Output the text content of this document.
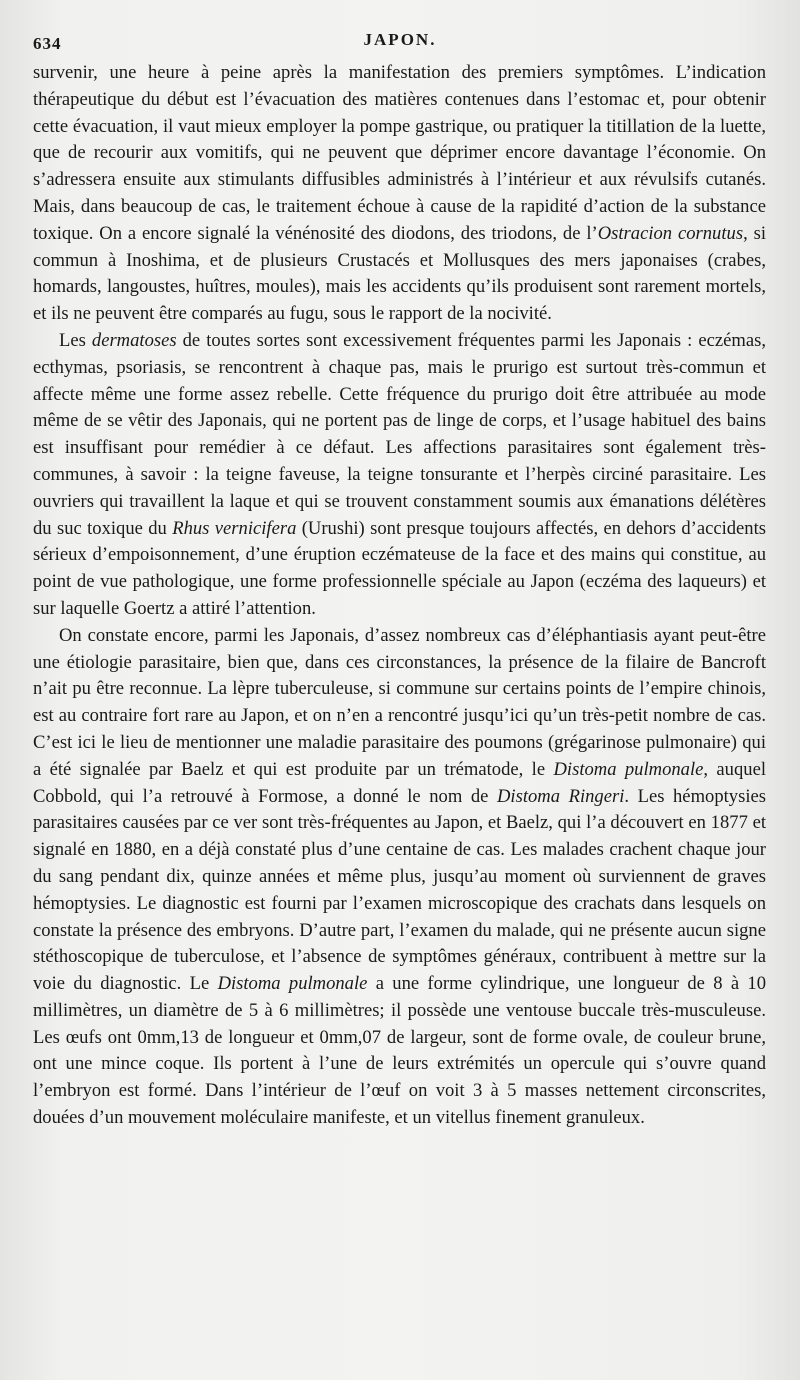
634	JAPON.

survenir, une heure à peine après la manifestation des premiers symptômes. L’indication thérapeutique du début est l’évacuation des matières contenues dans l’estomac et, pour obtenir cette évacuation, il vaut mieux employer la pompe gastrique, ou pratiquer la titillation de la luette, que de recourir aux vomitifs, qui ne peuvent que déprimer encore davantage l’économie. On s’adressera ensuite aux stimulants diffusibles administrés à l’intérieur et aux révulsifs cutanés. Mais, dans beaucoup de cas, le traitement échoue à cause de la rapidité d’action de la substance toxique. On a encore signalé la vénénosité des diodons, des triodons, de l’Ostracion cornutus, si commun à Inoshima, et de plusieurs Crustacés et Mollusques des mers japonaises (crabes, homards, langoustes, huîtres, moules), mais les accidents qu’ils produisent sont rarement mortels, et ils ne peuvent être comparés au fugu, sous le rapport de la nocivité.

Les dermatoses de toutes sortes sont excessivement fréquentes parmi les Japonais : eczémas, ecthymas, psoriasis, se rencontrent à chaque pas, mais le prurigo est surtout très-commun et affecte même une forme assez rebelle. Cette fréquence du prurigo doit être attribuée au mode même de se vêtir des Japonais, qui ne portent pas de linge de corps, et l’usage habituel des bains est insuffisant pour remédier à ce défaut. Les affections parasitaires sont également très-communes, à savoir : la teigne faveuse, la teigne tonsurante et l’herpès circiné parasitaire. Les ouvriers qui travaillent la laque et qui se trouvent constamment soumis aux émanations délétères du suc toxique du Rhus vernicifera (Urushi) sont presque toujours affectés, en dehors d’accidents sérieux d’empoisonnement, d’une éruption eczémateuse de la face et des mains qui constitue, au point de vue pathologique, une forme professionnelle spéciale au Japon (eczéma des laqueurs) et sur laquelle Goertz a attiré l’attention.

On constate encore, parmi les Japonais, d’assez nombreux cas d’éléphantiasis ayant peut-être une étiologie parasitaire, bien que, dans ces circonstances, la présence de la filaire de Bancroft n’ait pu être reconnue. La lèpre tuberculeuse, si commune sur certains points de l’empire chinois, est au contraire fort rare au Japon, et on n’en a rencontré jusqu’ici qu’un très-petit nombre de cas. C’est ici le lieu de mentionner une maladie parasitaire des poumons (grégarinose pulmonaire) qui a été signalée par Baelz et qui est produite par un trématode, le Distoma pulmonale, auquel Cobbold, qui l’a retrouvé à Formose, a donné le nom de Distoma Ringeri. Les hémoptysies parasitaires causées par ce ver sont très-fréquentes au Japon, et Baelz, qui l’a découvert en 1877 et signalé en 1880, en a déjà constaté plus d’une centaine de cas. Les malades crachent chaque jour du sang pendant dix, quinze années et même plus, jusqu’au moment où surviennent de graves hémoptysies. Le diagnostic est fourni par l’examen microscopique des crachats dans lesquels on constate la présence des embryons. D’autre part, l’examen du malade, qui ne présente aucun signe stéthoscopique de tuberculose, et l’absence de symptômes généraux, contribuent à mettre sur la voie du diagnostic. Le Distoma pulmonale a une forme cylindrique, une longueur de 8 à 10 millimètres, un diamètre de 5 à 6 millimètres; il possède une ventouse buccale très-musculeuse. Les œufs ont 0mm,13 de longueur et 0mm,07 de largeur, sont de forme ovale, de couleur brune, ont une mince coque. Ils portent à l’une de leurs extrémités un opercule qui s’ouvre quand l’embryon est formé. Dans l’intérieur de l’œuf on voit 3 à 5 masses nettement circonscrites, douées d’un mouvement moléculaire manifeste, et un vitellus finement granuleux.
